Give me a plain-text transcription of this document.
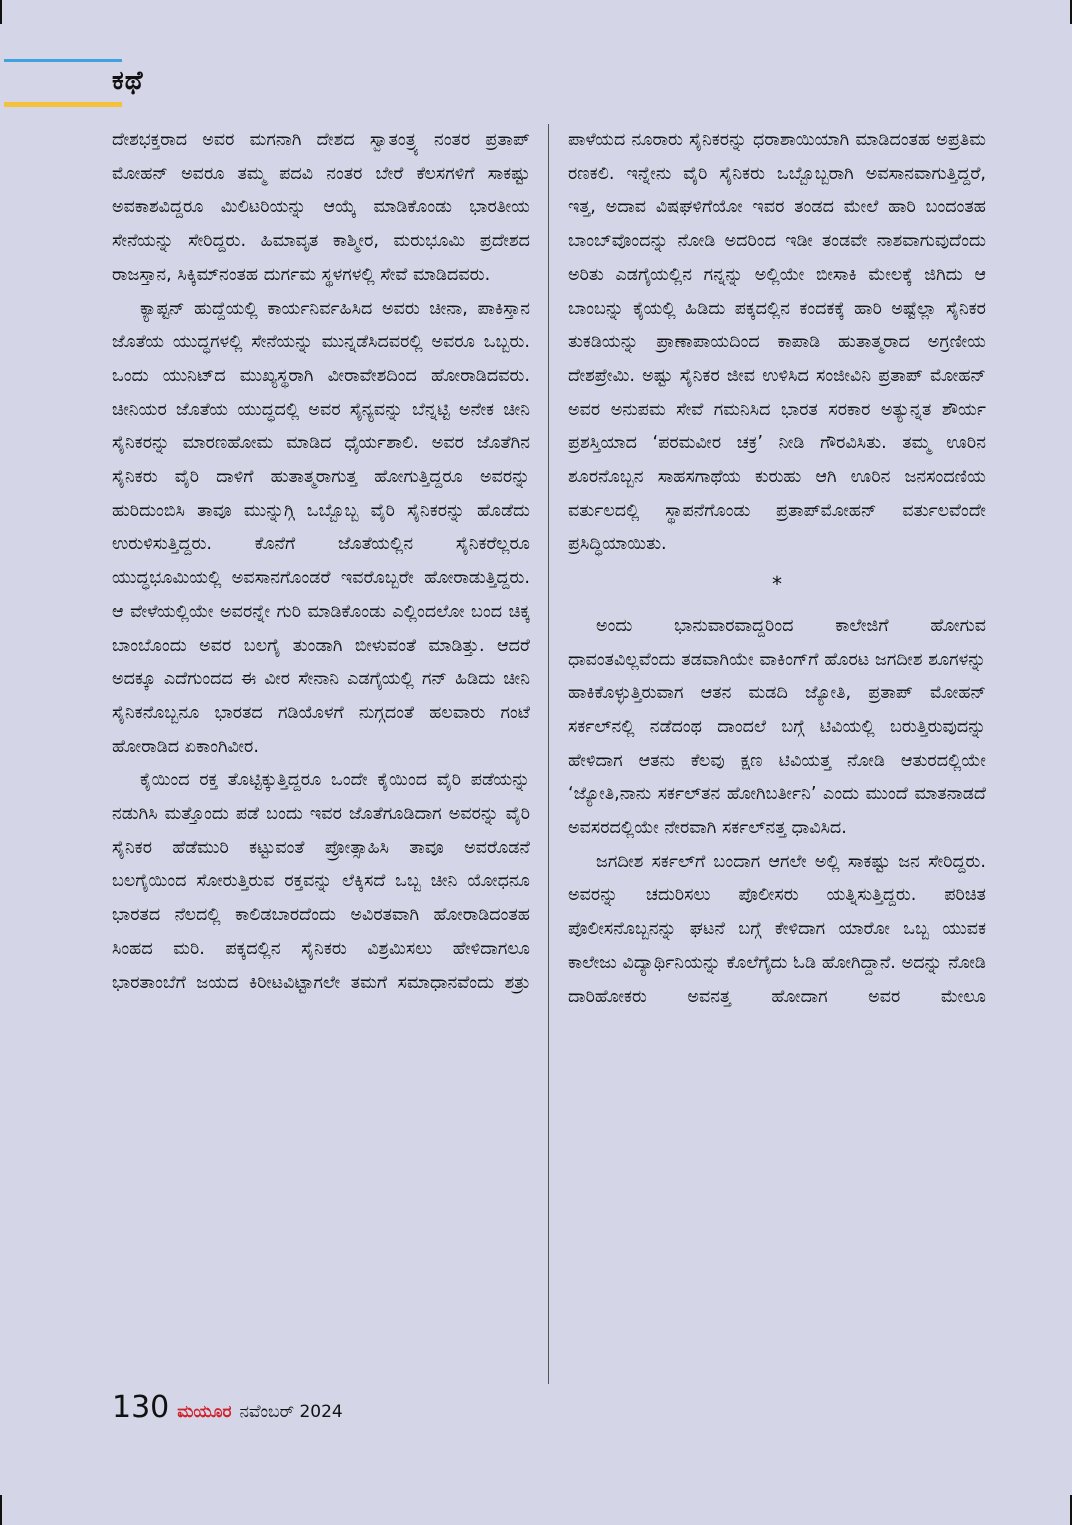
ಕಥೆ

ದೇಶಭಕ್ತರಾದ ಅವರ ಮಗನಾಗಿ ದೇಶದ ಸ್ವಾತಂತ್ರ್ಯ ನಂತರ ಪ್ರತಾಪ್ ಮೋಹನ್ ಅವರೂ ತಮ್ಮ ಪದವಿ ನಂತರ ಬೇರೆ ಕೆಲಸಗಳಿಗೆ ಸಾಕಷ್ಟು ಅವಕಾಶವಿದ್ದರೂ ಮಿಲಿಟರಿಯನ್ನು ಆಯ್ಕೆ ಮಾಡಿಕೊಂಡು ಭಾರತೀಯ ಸೇನೆಯನ್ನು ಸೇರಿದ್ದರು. ಹಿಮಾವೃತ ಕಾಶ್ಮೀರ, ಮರುಭೂಮಿ ಪ್ರದೇಶದ ರಾಜಸ್ತಾನ, ಸಿಕ್ಕಿಮ್‌ನಂತಹ ದುರ್ಗಮ ಸ್ಥಳಗಳಲ್ಲಿ ಸೇವೆ ಮಾಡಿದವರು.

ಕ್ಯಾಪ್ಟನ್ ಹುದ್ದೆಯಲ್ಲಿ ಕಾರ್ಯನಿರ್ವಹಿಸಿದ ಅವರು ಚೀನಾ, ಪಾಕಿಸ್ತಾನ ಜೊತೆಯ ಯುದ್ಧಗಳಲ್ಲಿ ಸೇನೆಯನ್ನು ಮುನ್ನಡೆಸಿದವರಲ್ಲಿ ಅವರೂ ಒಬ್ಬರು. ಒಂದು ಯುನಿಟ್‌ದ ಮುಖ್ಯಸ್ಥರಾಗಿ ವೀರಾವೇಶದಿಂದ ಹೋರಾಡಿದವರು. ಚೀನಿಯರ ಜೊತೆಯ ಯುದ್ಧದಲ್ಲಿ ಅವರ ಸೈನ್ಯವನ್ನು ಬೆನ್ನಟ್ಟಿ ಅನೇಕ ಚೀನಿ ಸೈನಿಕರನ್ನು ಮಾರಣಹೋಮ ಮಾಡಿದ ಧೈರ್ಯಶಾಲಿ. ಅವರ ಜೊತೆಗಿನ ಸೈನಿಕರು ವೈರಿ ದಾಳಿಗೆ ಹುತಾತ್ಮರಾಗುತ್ತ ಹೋಗುತ್ತಿದ್ದರೂ ಅವರನ್ನು ಹುರಿದುಂಬಿಸಿ ತಾವೂ ಮುನ್ನುಗ್ಗಿ ಒಬ್ಬೊಬ್ಬ ವೈರಿ ಸೈನಿಕರನ್ನು ಹೊಡೆದು ಉರುಳಿಸುತ್ತಿದ್ದರು. ಕೊನೆಗೆ ಜೊತೆಯಲ್ಲಿನ ಸೈನಿಕರೆಲ್ಲರೂ ಯುದ್ಧಭೂಮಿಯಲ್ಲಿ ಅವಸಾನಗೊಂಡರೆ ಇವರೊಬ್ಬರೇ ಹೋರಾಡುತ್ತಿದ್ದರು. ಆ ವೇಳೆಯಲ್ಲಿಯೇ ಅವರನ್ನೇ ಗುರಿ ಮಾಡಿಕೊಂಡು ಎಲ್ಲಿಂದಲೋ ಬಂದ ಚಿಕ್ಕ ಬಾಂಬೊಂದು ಅವರ ಬಲಗೈ ತುಂಡಾಗಿ ಬೀಳುವಂತೆ ಮಾಡಿತ್ತು. ಆದರೆ ಅದಕ್ಕೂ ಎದೆಗುಂದದ ಈ ವೀರ ಸೇನಾನಿ ಎಡಗೈಯಲ್ಲಿ ಗನ್ ಹಿಡಿದು ಚೀನಿ ಸೈನಿಕನೊಬ್ಬನೂ ಭಾರತದ ಗಡಿಯೊಳಗೆ ನುಗ್ಗದಂತೆ ಹಲವಾರು ಗಂಟೆ ಹೋರಾಡಿದ ಏಕಾಂಗಿವೀರ.

ಕೈಯಿಂದ ರಕ್ತ ತೊಟ್ಟಿಕ್ಕುತ್ತಿದ್ದರೂ ಒಂದೇ ಕೈಯಿಂದ ವೈರಿ ಪಡೆಯನ್ನು ನಡುಗಿಸಿ ಮತ್ತೊಂದು ಪಡೆ ಬಂದು ಇವರ ಜೊತೆಗೂಡಿದಾಗ ಅವರನ್ನು ವೈರಿ ಸೈನಿಕರ ಹೆಡೆಮುರಿ ಕಟ್ಟುವಂತೆ ಪ್ರೋತ್ಸಾಹಿಸಿ ತಾವೂ ಅವರೊಡನೆ ಬಲಗೈಯಿಂದ ಸೋರುತ್ತಿರುವ ರಕ್ತವನ್ನು ಲೆಕ್ಕಿಸದೆ ಒಬ್ಬ ಚೀನಿ ಯೋಧನೂ ಭಾರತದ ನೆಲದಲ್ಲಿ ಕಾಲಿಡಬಾರದೆಂದು ಅವಿರತವಾಗಿ ಹೋರಾಡಿದಂತಹ ಸಿಂಹದ ಮರಿ. ಪಕ್ಕದಲ್ಲಿನ ಸೈನಿಕರು ವಿಶ್ರಮಿಸಲು ಹೇಳಿದಾಗಲೂ ಭಾರತಾಂಬೆಗೆ ಜಯದ ಕಿರೀಟವಿಟ್ಟಾಗಲೇ ತಮಗೆ ಸಮಾಧಾನವೆಂದು ಶತ್ರು

ಪಾಳೆಯದ ನೂರಾರು ಸೈನಿಕರನ್ನು ಧರಾಶಾಯಿಯಾಗಿ ಮಾಡಿದಂತಹ ಅಪ್ರತಿಮ ರಣಕಲಿ. ಇನ್ನೇನು ವೈರಿ ಸೈನಿಕರು ಒಬ್ಬೊಬ್ಬರಾಗಿ ಅವಸಾನವಾಗುತ್ತಿದ್ದರೆ, ಇತ್ತ, ಅದಾವ ವಿಷಘಳಿಗೆಯೋ ಇವರ ತಂಡದ ಮೇಲೆ ಹಾರಿ ಬಂದಂತಹ ಬಾಂಬ್‌ವೊಂದನ್ನು ನೋಡಿ ಅದರಿಂದ ಇಡೀ ತಂಡವೇ ನಾಶವಾಗುವುದೆಂದು ಅರಿತು ಎಡಗೈಯಲ್ಲಿನ ಗನ್ನನ್ನು ಅಲ್ಲಿಯೇ ಬೀಸಾಕಿ ಮೇಲಕ್ಕೆ ಜಿಗಿದು ಆ ಬಾಂಬನ್ನು ಕೈಯಲ್ಲಿ ಹಿಡಿದು ಪಕ್ಕದಲ್ಲಿನ ಕಂದಕಕ್ಕೆ ಹಾರಿ ಅಷ್ಟೆಲ್ಲಾ ಸೈನಿಕರ ತುಕಡಿಯನ್ನು ಪ್ರಾಣಾಪಾಯದಿಂದ ಕಾಪಾಡಿ ಹುತಾತ್ಮರಾದ ಅಗ್ರಣೀಯ ದೇಶಪ್ರೇಮಿ. ಅಷ್ಟು ಸೈನಿಕರ ಜೀವ ಉಳಿಸಿದ ಸಂಜೀವಿನಿ ಪ್ರತಾಪ್ ಮೋಹನ್ ಅವರ ಅನುಪಮ ಸೇವೆ ಗಮನಿಸಿದ ಭಾರತ ಸರಕಾರ ಅತ್ಯುನ್ನತ ಶೌರ್ಯ ಪ್ರಶಸ್ತಿಯಾದ ‘ಪರಮವೀರ ಚಕ್ರ’ ನೀಡಿ ಗೌರವಿಸಿತು. ತಮ್ಮ ಊರಿನ ಶೂರನೊಬ್ಬನ ಸಾಹಸಗಾಥೆಯ ಕುರುಹು ಆಗಿ ಊರಿನ ಜನಸಂದಣಿಯ ವರ್ತುಲದಲ್ಲಿ ಸ್ಥಾಪನೆಗೊಂಡು ಪ್ರತಾಪ್‌ಮೋಹನ್ ವರ್ತುಲವೆಂದೇ ಪ್ರಸಿದ್ಧಿಯಾಯಿತು.

*

ಅಂದು ಭಾನುವಾರವಾದ್ದರಿಂದ ಕಾಲೇಜಿಗೆ ಹೋಗುವ ಧಾವಂತವಿಲ್ಲವೆಂದು ತಡವಾಗಿಯೇ ವಾಕಿಂಗ್‌ಗೆ ಹೊರಟ ಜಗದೀಶ ಶೂಗಳನ್ನು ಹಾಕಿಕೊಳ್ಳುತ್ತಿರುವಾಗ ಆತನ ಮಡದಿ ಜ್ಯೋತಿ, ಪ್ರತಾಪ್ ಮೋಹನ್ ಸರ್ಕಲ್‌ನಲ್ಲಿ ನಡೆದಂಥ ದಾಂದಲೆ ಬಗ್ಗೆ ಟಿವಿಯಲ್ಲಿ ಬರುತ್ತಿರುವುದನ್ನು ಹೇಳಿದಾಗ ಆತನು ಕೆಲವು ಕ್ಷಣ ಟಿವಿಯತ್ತ ನೋಡಿ ಆತುರದಲ್ಲಿಯೇ ‘ಜ್ಯೋತಿ,ನಾನು ಸರ್ಕಲ್‌ತನ ಹೋಗಿಬರ್ತೀನಿ’ ಎಂದು ಮುಂದೆ ಮಾತನಾಡದೆ ಅವಸರದಲ್ಲಿಯೇ ನೇರವಾಗಿ ಸರ್ಕಲ್‌ನತ್ತ ಧಾವಿಸಿದ.

ಜಗದೀಶ ಸರ್ಕಲ್‌ಗೆ ಬಂದಾಗ ಆಗಲೇ ಅಲ್ಲಿ ಸಾಕಷ್ಟು ಜನ ಸೇರಿದ್ದರು. ಅವರನ್ನು ಚದುರಿಸಲು ಪೊಲೀಸರು ಯತ್ನಿಸುತ್ತಿದ್ದರು. ಪರಿಚಿತ ಪೊಲೀಸನೊಬ್ಬನನ್ನು ಘಟನೆ ಬಗ್ಗೆ ಕೇಳಿದಾಗ ಯಾರೋ ಒಬ್ಬ ಯುವಕ ಕಾಲೇಜು ವಿದ್ಯಾರ್ಥಿನಿಯನ್ನು ಕೊಲೆಗೈದು ಓಡಿ ಹೋಗಿದ್ದಾನೆ. ಅದನ್ನು ನೋಡಿ ದಾರಿಹೋಕರು ಅವನತ್ತ ಹೋದಾಗ ಅವರ ಮೇಲೂ

130 ಮಯೂರ ನವೆಂಬರ್ 2024
